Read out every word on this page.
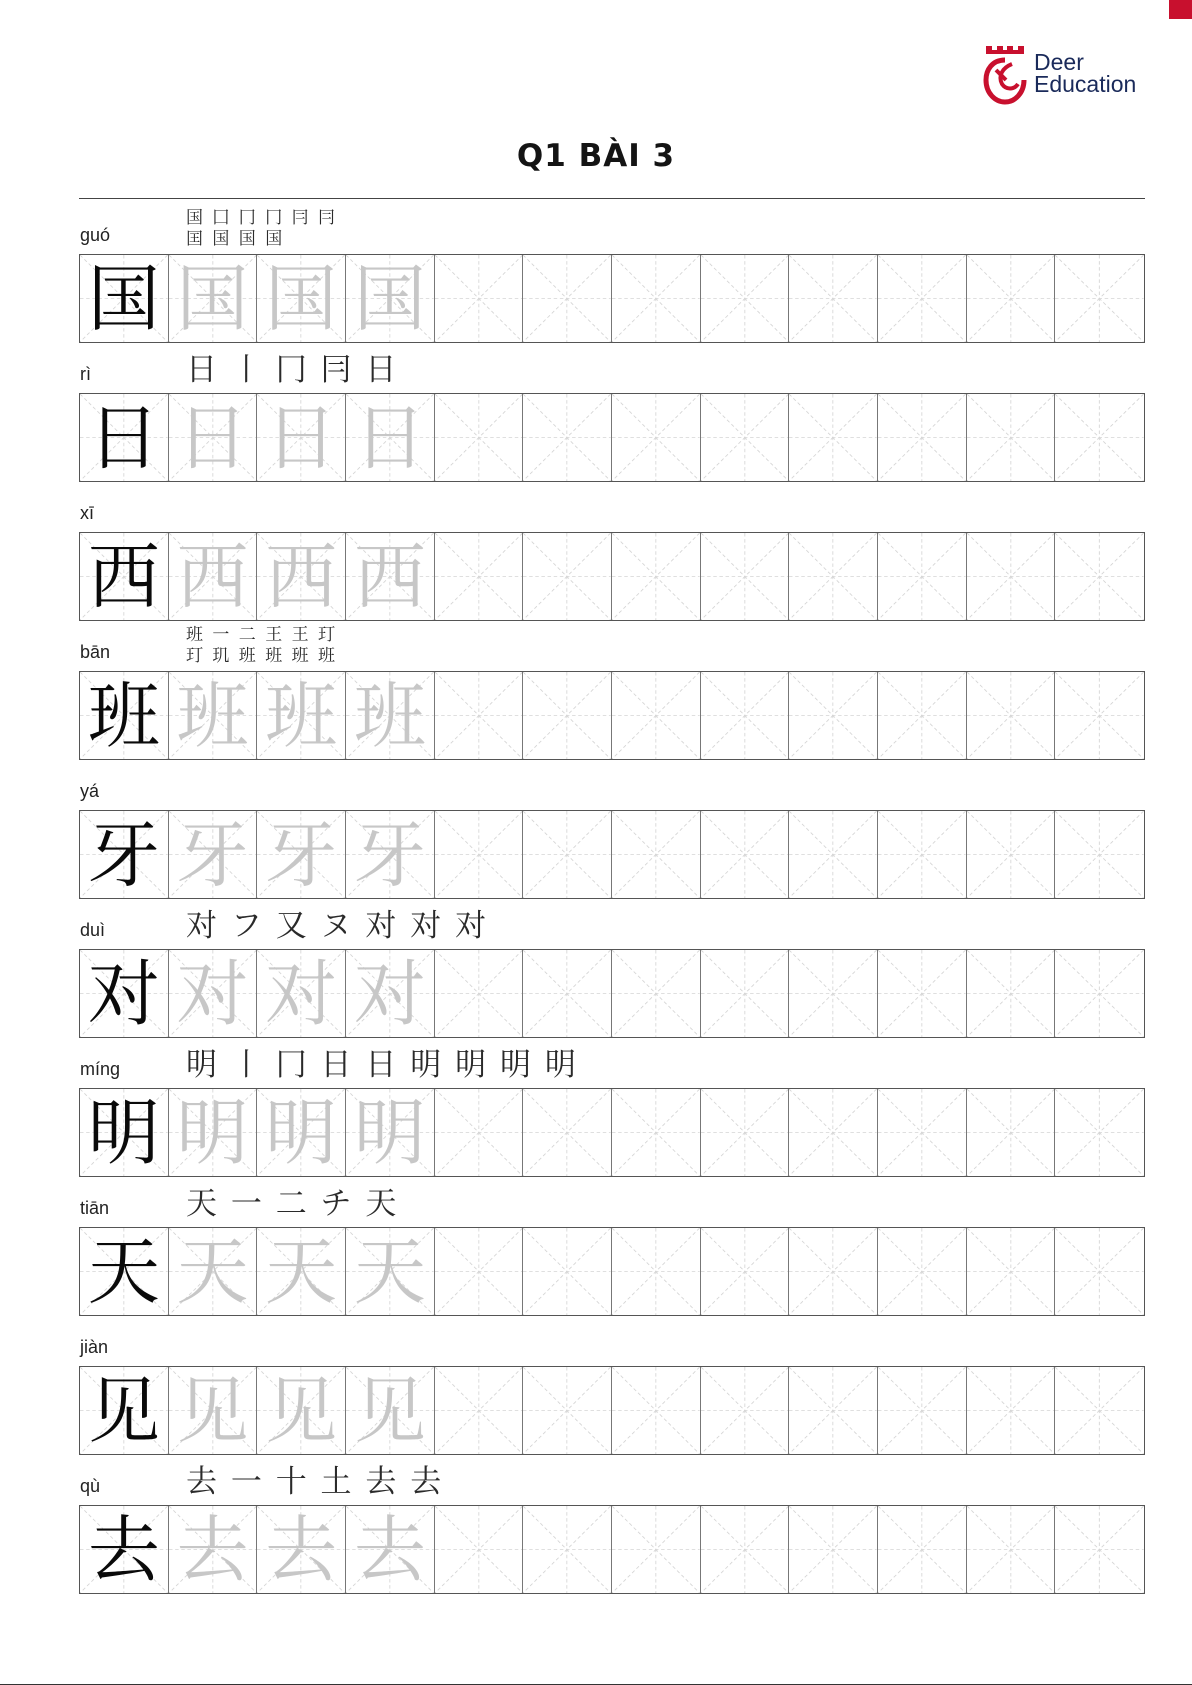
Deer
Education
Q1 BÀI 3
guó
国 囗 冂 冂 冃 冃 囯 国 国 国
国 国 国 国
rì	日 丨 冂 冃 日
日 日 日 日
xī
西 西 西 西
bān
班 一 二 王 王 玎 玎 玑 班 班 班 班
班 班 班 班
yá
牙 牙 牙 牙
duì	对 フ 又 ヌ 对 对 对
对 对 对 对
míng 明 丨 冂 日 日 明 明 明 明
明 明 明 明
tiān 天 一 二 チ 天
天 天 天 天
jiàn
见 见 见 见
qù	去 一 十 土 去 去
去 去 去 去
